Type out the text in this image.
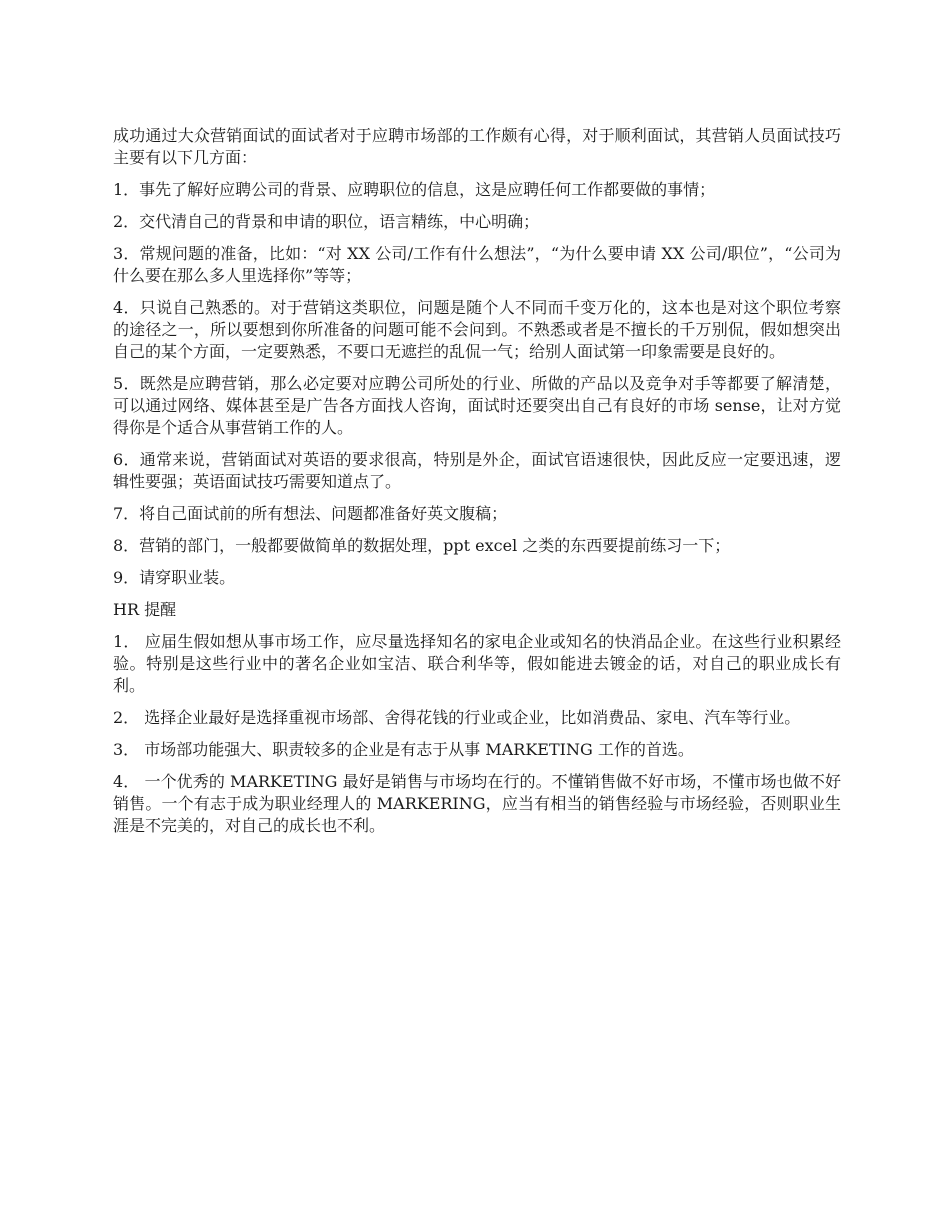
成功通过大众营销面试的面试者对于应聘市场部的工作颇有心得，对于顺利面试，其营销人员面试技巧主要有以下几方面：

1．事先了解好应聘公司的背景、应聘职位的信息，这是应聘任何工作都要做的事情；

2．交代清自己的背景和申请的职位，语言精练，中心明确；

3．常规问题的准备，比如：“对 XX 公司/工作有什么想法”，“为什么要申请 XX 公司/职位”，“公司为什么要在那么多人里选择你”等等；

4．只说自己熟悉的。对于营销这类职位，问题是随个人不同而千变万化的，这本也是对这个职位考察的途径之一，所以要想到你所准备的问题可能不会问到。不熟悉或者是不擅长的千万别侃，假如想突出自己的某个方面，一定要熟悉，不要口无遮拦的乱侃一气；给别人面试第一印象需要是良好的。

5．既然是应聘营销，那么必定要对应聘公司所处的行业、所做的产品以及竞争对手等都要了解清楚，可以通过网络、媒体甚至是广告各方面找人咨询，面试时还要突出自己有良好的市场 sense，让对方觉得你是个适合从事营销工作的人。

6．通常来说，营销面试对英语的要求很高，特别是外企，面试官语速很快，因此反应一定要迅速，逻辑性要强；英语面试技巧需要知道点了。

7．将自己面试前的所有想法、问题都准备好英文腹稿；

8．营销的部门，一般都要做简单的数据处理，ppt excel 之类的东西要提前练习一下；

9．请穿职业装。

HR 提醒

1． 应届生假如想从事市场工作，应尽量选择知名的家电企业或知名的快消品企业。在这些行业积累经验。特别是这些行业中的著名企业如宝洁、联合利华等，假如能进去镀金的话，对自己的职业成长有利。

2． 选择企业最好是选择重视市场部、舍得花钱的行业或企业，比如消费品、家电、汽车等行业。

3． 市场部功能强大、职责较多的企业是有志于从事 MARKETING 工作的首选。

4． 一个优秀的 MARKETING 最好是销售与市场均在行的。不懂销售做不好市场，不懂市场也做不好销售。一个有志于成为职业经理人的 MARKERING，应当有相当的销售经验与市场经验，否则职业生涯是不完美的，对自己的成长也不利。
